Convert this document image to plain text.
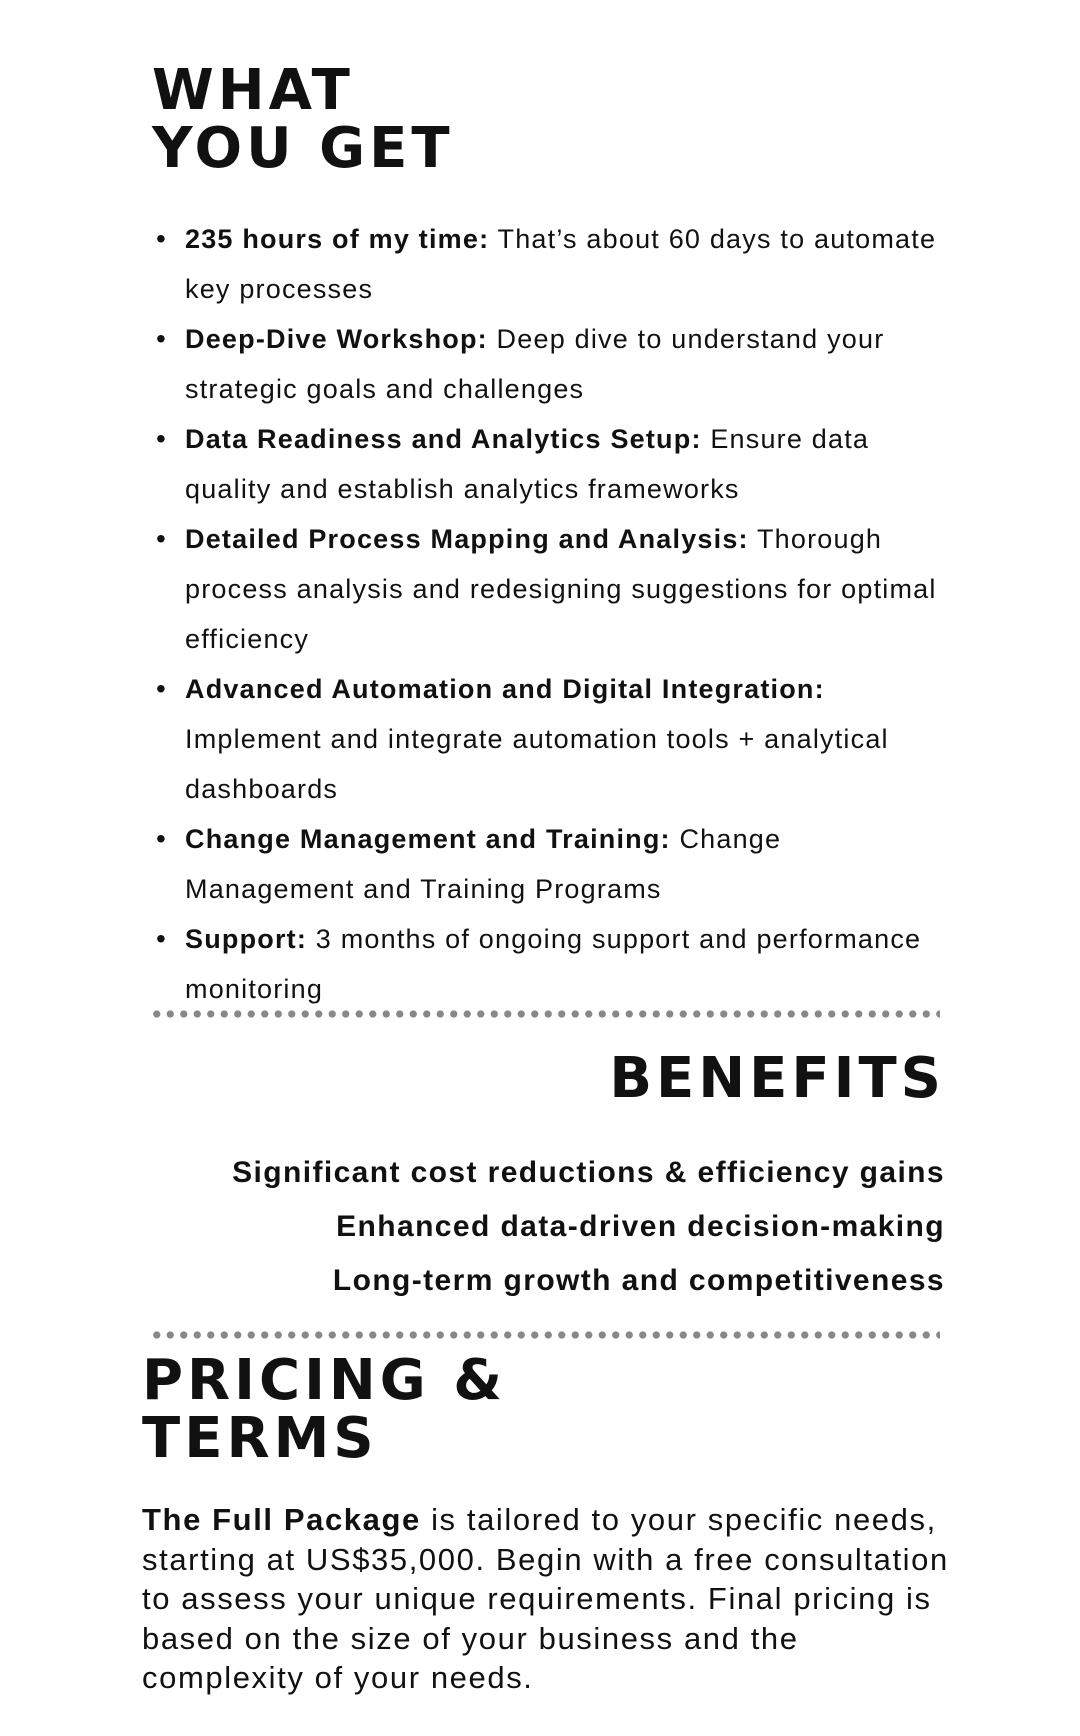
WHAT
YOU GET
• 235 hours of my time: That’s about 60 days to automate key processes
• Deep-Dive Workshop: Deep dive to understand your strategic goals and challenges
• Data Readiness and Analytics Setup: Ensure data quality and establish analytics frameworks
• Detailed Process Mapping and Analysis: Thorough process analysis and redesigning suggestions for optimal efficiency
• Advanced Automation and Digital Integration: Implement and integrate automation tools + analytical dashboards
• Change Management and Training: Change Management and Training Programs
• Support: 3 months of ongoing support and performance monitoring
BENEFITS
Significant cost reductions & efficiency gains
Enhanced data-driven decision-making
Long-term growth and competitiveness
PRICING &
TERMS
The Full Package is tailored to your specific needs, starting at US$35,000. Begin with a free consultation to assess your unique requirements. Final pricing is based on the size of your business and the complexity of your needs.
